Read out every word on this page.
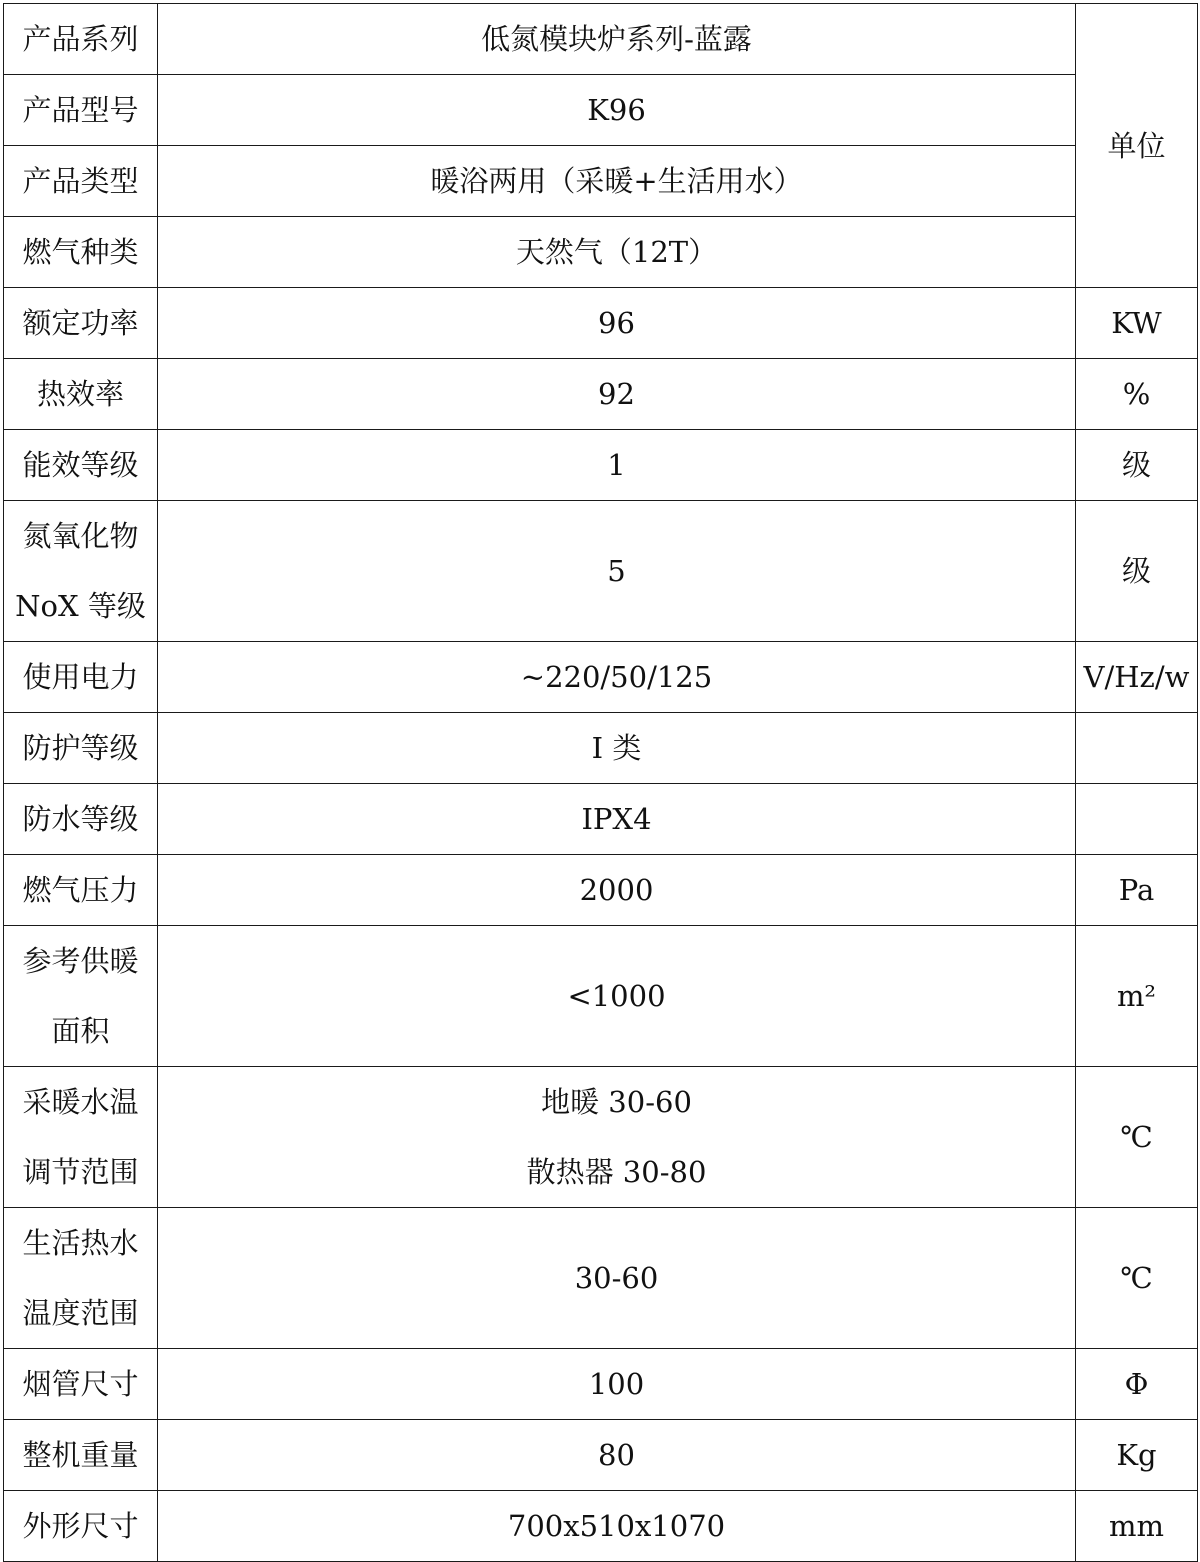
产品系列	低氮模块炉系列-蓝露	单位

产品型号	K96	

产品类型	暖浴两用（采暖+生活用水）	

燃气种类	天然气（12T）	

额定功率	96	KW

热效率	92	%

能效等级	1	级

氮氧化物
NoX 等级	5	级

使用电力	~220/50/125	V/Hz/w

防护等级	I 类	

防水等级	IPX4	

燃气压力	2000	Pa

参考供暖
面积	<1000	m²

采暖水温
调节范围	地暖 30-60
散热器 30-80	℃

生活热水
温度范围	30-60	℃

烟管尺寸	100	Φ

整机重量	80	Kg

外形尺寸	700x510x1070	mm
